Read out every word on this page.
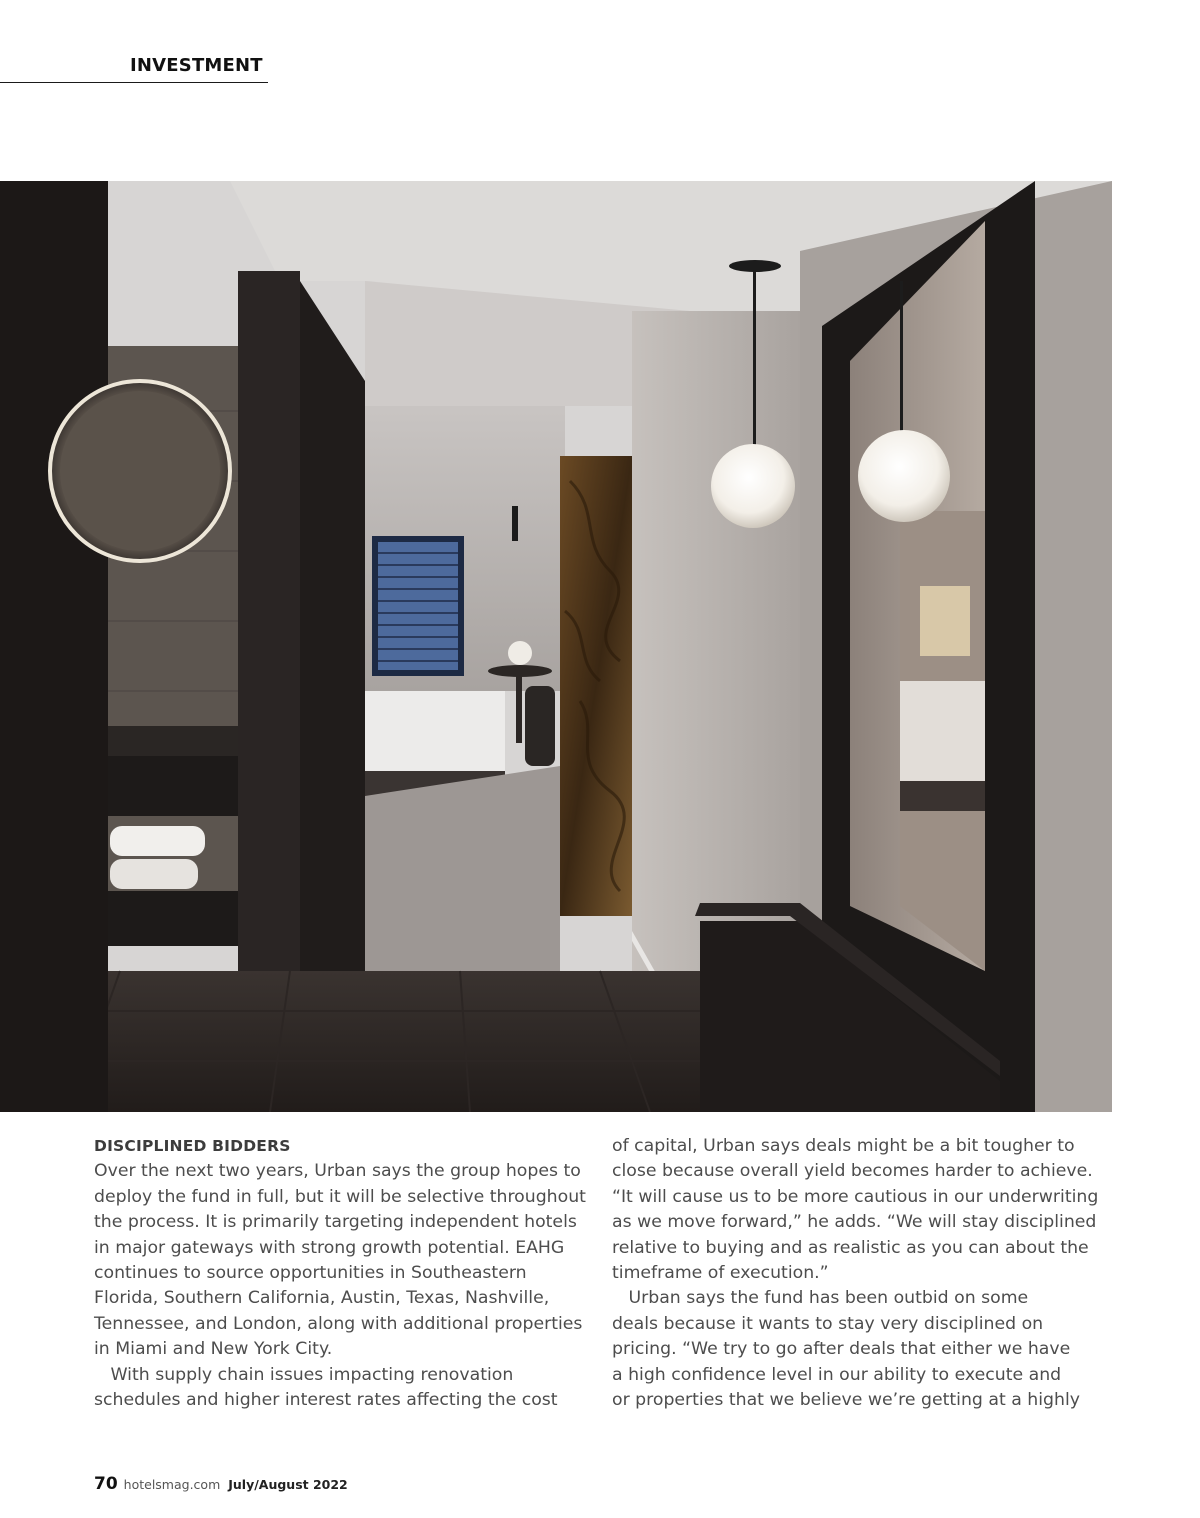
INVESTMENT

DISCIPLINED BIDDERS
Over the next two years, Urban says the group hopes to
deploy the fund in full, but it will be selective throughout
the process. It is primarily targeting independent hotels
in major gateways with strong growth potential. EAHG
continues to source opportunities in Southeastern
Florida, Southern California, Austin, Texas, Nashville,
Tennessee, and London, along with additional properties
in Miami and New York City.
With supply chain issues impacting renovation
schedules and higher interest rates affecting the cost
of capital, Urban says deals might be a bit tougher to
close because overall yield becomes harder to achieve.
“It will cause us to be more cautious in our underwriting
as we move forward,” he adds. “We will stay disciplined
relative to buying and as realistic as you can about the
timeframe of execution.”
Urban says the fund has been outbid on some
deals because it wants to stay very disciplined on
pricing. “We try to go after deals that either we have
a high confidence level in our ability to execute and
or properties that we believe we’re getting at a highly
70 hotelsmag.com July/August 2022
